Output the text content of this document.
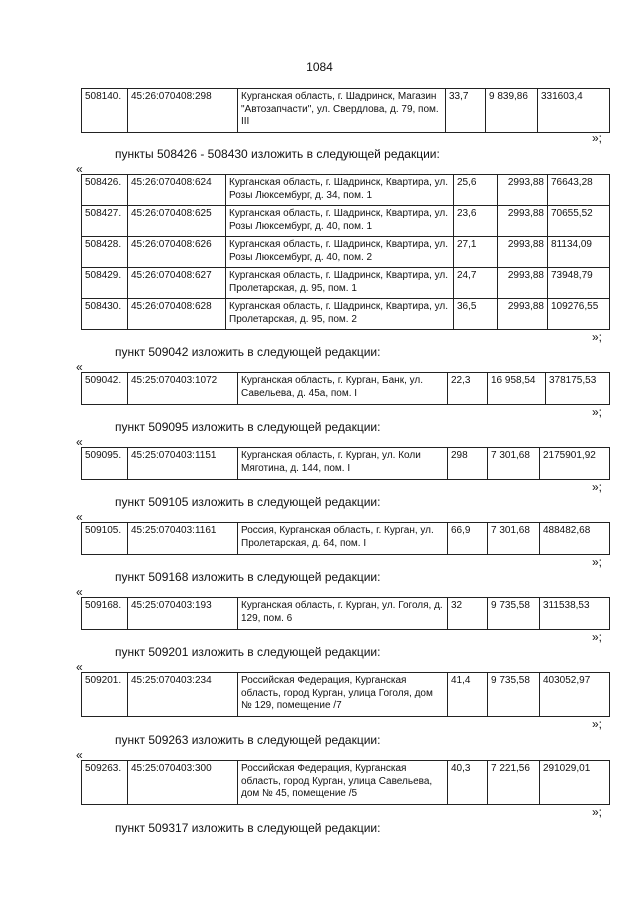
1084
508140.	45:26:070408:298	Курганская область, г. Шадринск, Магазин "Автозапчасти", ул. Свердлова, д. 79, пом. III	33,7	9 839,86	331603,4
»;
пункты 508426 - 508430 изложить в следующей редакции:
«
508426.	45:26:070408:624	Курганская область, г. Шадринск, Квартира, ул. Розы Люксембург, д. 34, пом. 1	25,6	2993,88	76643,28
508427.	45:26:070408:625	Курганская область, г. Шадринск, Квартира, ул. Розы Люксембург, д. 40, пом. 1	23,6	2993,88	70655,52
508428.	45:26:070408:626	Курганская область, г. Шадринск, Квартира, ул. Розы Люксембург, д. 40, пом. 2	27,1	2993,88	81134,09
508429.	45:26:070408:627	Курганская область, г. Шадринск, Квартира, ул. Пролетарская, д. 95, пом. 1	24,7	2993,88	73948,79
508430.	45:26:070408:628	Курганская область, г. Шадринск, Квартира, ул. Пролетарская, д. 95, пом. 2	36,5	2993,88	109276,55
»;
пункт 509042 изложить в следующей редакции:
«
509042.	45:25:070403:1072	Курганская область, г. Курган, Банк, ул. Савельева, д. 45а, пом. I	22,3	16 958,54	378175,53
»;
пункт 509095 изложить в следующей редакции:
«
509095.	45:25:070403:1151	Курганская область, г. Курган, ул. Коли Мяготина, д. 144, пом. I	298	7 301,68	2175901,92
»;
пункт 509105 изложить в следующей редакции:
«
509105.	45:25:070403:1161	Россия, Курганская область, г. Курган, ул. Пролетарская, д. 64, пом. I	66,9	7 301,68	488482,68
»;
пункт 509168 изложить в следующей редакции:
«
509168.	45:25:070403:193	Курганская область, г. Курган, ул. Гоголя, д. 129, пом. 6	32	9 735,58	311538,53
»;
пункт 509201 изложить в следующей редакции:
«
509201.	45:25:070403:234	Российская Федерация, Курганская область, город Курган, улица Гоголя, дом № 129, помещение /7	41,4	9 735,58	403052,97
»;
пункт 509263 изложить в следующей редакции:
«
509263.	45:25:070403:300	Российская Федерация, Курганская область, город Курган, улица Савельева, дом № 45, помещение /5	40,3	7 221,56	291029,01
»;
пункт 509317 изложить в следующей редакции:
